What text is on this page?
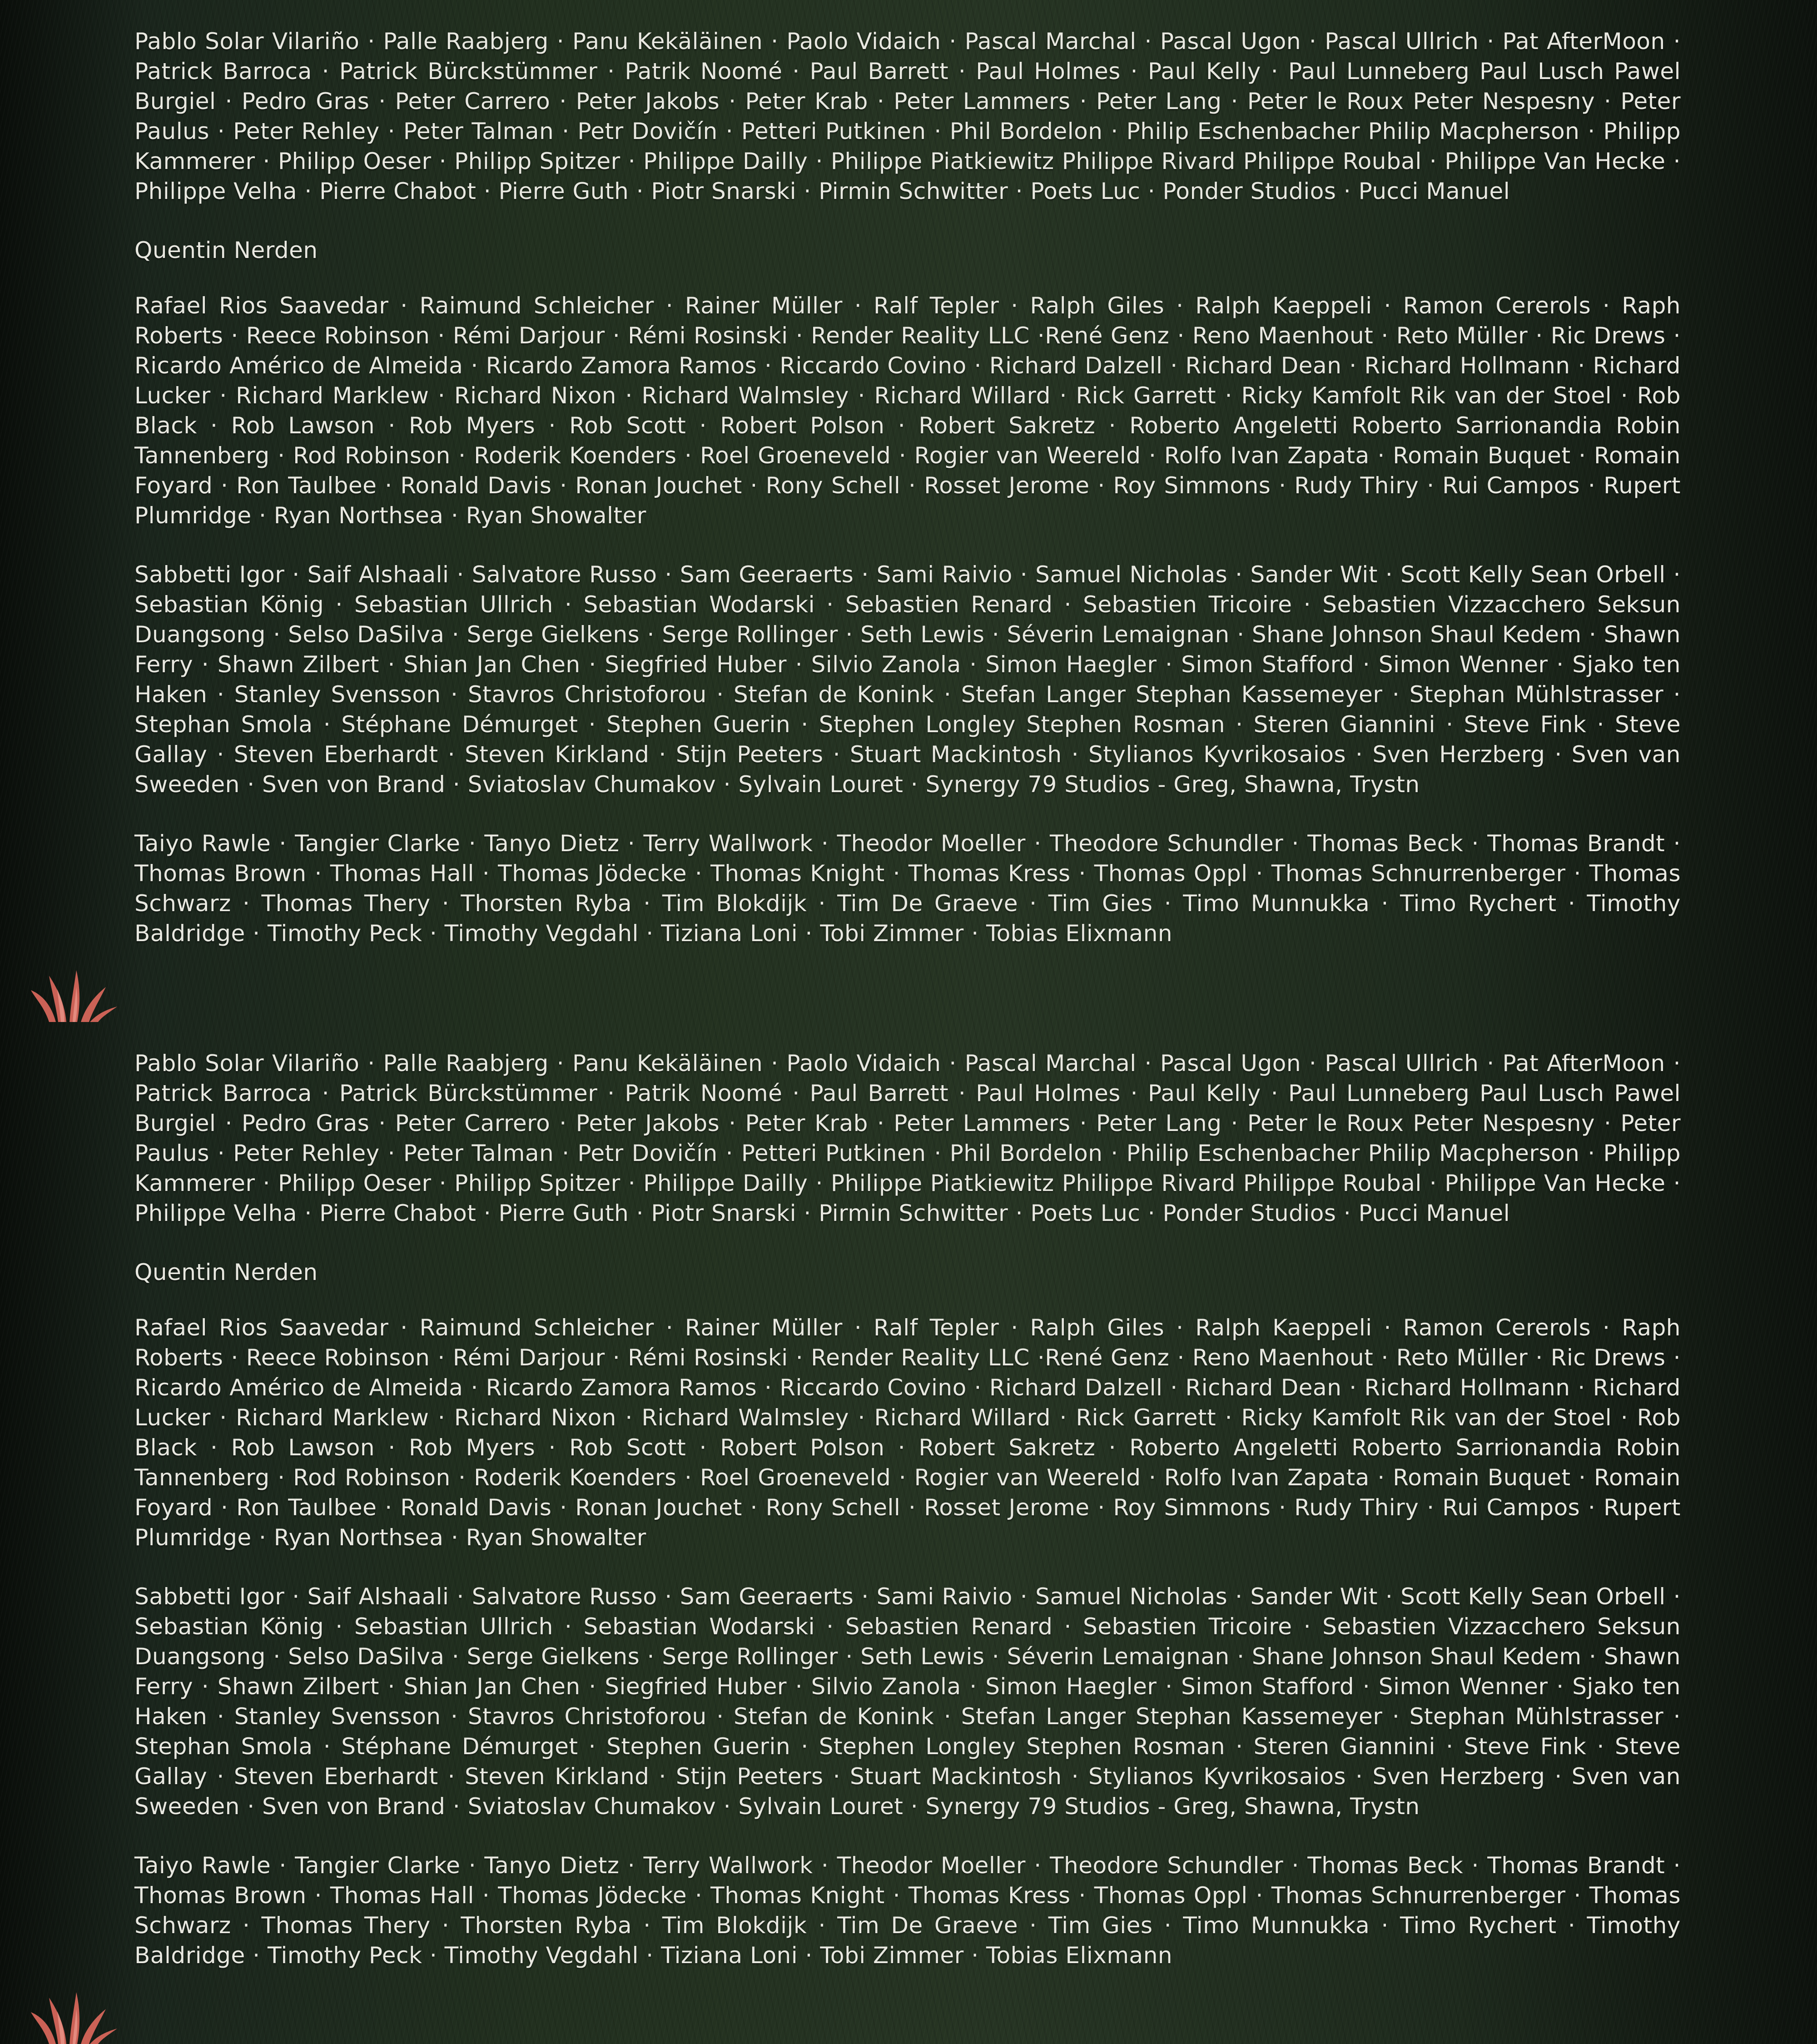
Pablo Solar Vilariño · Palle Raabjerg · Panu Kekäläinen · Paolo Vidaich · Pascal Marchal · Pascal Ugon · Pascal Ullrich · Pat AfterMoon · Patrick Barroca · Patrick Bürckstümmer · Patrik Noomé · Paul Barrett · Paul Holmes · Paul Kelly · Paul Lunneberg Paul Lusch Pawel Burgiel · Pedro Gras · Peter Carrero · Peter Jakobs · Peter Krab · Peter Lammers · Peter Lang · Peter le Roux Peter Nespesny · Peter Paulus · Peter Rehley · Peter Talman · Petr Dovičín · Petteri Putkinen · Phil Bordelon · Philip Eschenbacher Philip Macpherson · Philipp Kammerer · Philipp Oeser · Philipp Spitzer · Philippe Dailly · Philippe Piatkiewitz Philippe Rivard Philippe Roubal · Philippe Van Hecke · Philippe Velha · Pierre Chabot · Pierre Guth · Piotr Snarski · Pirmin Schwitter · Poets Luc · Ponder Studios · Pucci Manuel

Quentin Nerden

Rafael Rios Saavedar · Raimund Schleicher · Rainer Müller · Ralf Tepler · Ralph Giles · Ralph Kaeppeli · Ramon Cererols · Raph Roberts · Reece Robinson · Rémi Darjour · Rémi Rosinski · Render Reality LLC ·René Genz · Reno Maenhout · Reto Müller · Ric Drews · Ricardo Américo de Almeida · Ricardo Zamora Ramos · Riccardo Covino · Richard Dalzell · Richard Dean · Richard Hollmann · Richard Lucker · Richard Marklew · Richard Nixon · Richard Walmsley · Richard Willard · Rick Garrett · Ricky Kamfolt Rik van der Stoel · Rob Black · Rob Lawson · Rob Myers · Rob Scott · Robert Polson · Robert Sakretz · Roberto Angeletti Roberto Sarrionandia Robin Tannenberg · Rod Robinson · Roderik Koenders · Roel Groeneveld · Rogier van Weereld · Rolfo Ivan Zapata · Romain Buquet · Romain Foyard · Ron Taulbee · Ronald Davis · Ronan Jouchet · Rony Schell · Rosset Jerome · Roy Simmons · Rudy Thiry · Rui Campos · Rupert Plumridge · Ryan Northsea · Ryan Showalter

Sabbetti Igor · Saif Alshaali · Salvatore Russo · Sam Geeraerts · Sami Raivio · Samuel Nicholas · Sander Wit · Scott Kelly Sean Orbell · Sebastian König · Sebastian Ullrich · Sebastian Wodarski · Sebastien Renard · Sebastien Tricoire · Sebastien Vizzacchero Seksun Duangsong · Selso DaSilva · Serge Gielkens · Serge Rollinger · Seth Lewis · Séverin Lemaignan · Shane Johnson Shaul Kedem · Shawn Ferry · Shawn Zilbert · Shian Jan Chen · Siegfried Huber · Silvio Zanola · Simon Haegler · Simon Stafford · Simon Wenner · Sjako ten Haken · Stanley Svensson · Stavros Christoforou · Stefan de Konink · Stefan Langer Stephan Kassemeyer · Stephan Mühlstrasser · Stephan Smola · Stéphane Démurget · Stephen Guerin · Stephen Longley Stephen Rosman · Steren Giannini · Steve Fink · Steve Gallay · Steven Eberhardt · Steven Kirkland · Stijn Peeters · Stuart Mackintosh · Stylianos Kyvrikosaios · Sven Herzberg · Sven van Sweeden · Sven von Brand · Sviatoslav Chumakov · Sylvain Louret · Synergy 79 Studios - Greg, Shawna, Trystn

Taiyo Rawle · Tangier Clarke · Tanyo Dietz · Terry Wallwork · Theodor Moeller · Theodore Schundler · Thomas Beck · Thomas Brandt · Thomas Brown · Thomas Hall · Thomas Jödecke · Thomas Knight · Thomas Kress · Thomas Oppl · Thomas Schnurrenberger · Thomas Schwarz · Thomas Thery · Thorsten Ryba · Tim Blokdijk · Tim De Graeve · Tim Gies · Timo Munnukka · Timo Rychert · Timothy Baldridge · Timothy Peck · Timothy Vegdahl · Tiziana Loni · Tobi Zimmer · Tobias Elixmann

Pablo Solar Vilariño · Palle Raabjerg · Panu Kekäläinen · Paolo Vidaich · Pascal Marchal · Pascal Ugon · Pascal Ullrich · Pat AfterMoon · Patrick Barroca · Patrick Bürckstümmer · Patrik Noomé · Paul Barrett · Paul Holmes · Paul Kelly · Paul Lunneberg Paul Lusch Pawel Burgiel · Pedro Gras · Peter Carrero · Peter Jakobs · Peter Krab · Peter Lammers · Peter Lang · Peter le Roux Peter Nespesny · Peter Paulus · Peter Rehley · Peter Talman · Petr Dovičín · Petteri Putkinen · Phil Bordelon · Philip Eschenbacher Philip Macpherson · Philipp Kammerer · Philipp Oeser · Philipp Spitzer · Philippe Dailly · Philippe Piatkiewitz Philippe Rivard Philippe Roubal · Philippe Van Hecke · Philippe Velha · Pierre Chabot · Pierre Guth · Piotr Snarski · Pirmin Schwitter · Poets Luc · Ponder Studios · Pucci Manuel

Quentin Nerden

Rafael Rios Saavedar · Raimund Schleicher · Rainer Müller · Ralf Tepler · Ralph Giles · Ralph Kaeppeli · Ramon Cererols · Raph Roberts · Reece Robinson · Rémi Darjour · Rémi Rosinski · Render Reality LLC ·René Genz · Reno Maenhout · Reto Müller · Ric Drews · Ricardo Américo de Almeida · Ricardo Zamora Ramos · Riccardo Covino · Richard Dalzell · Richard Dean · Richard Hollmann · Richard Lucker · Richard Marklew · Richard Nixon · Richard Walmsley · Richard Willard · Rick Garrett · Ricky Kamfolt Rik van der Stoel · Rob Black · Rob Lawson · Rob Myers · Rob Scott · Robert Polson · Robert Sakretz · Roberto Angeletti Roberto Sarrionandia Robin Tannenberg · Rod Robinson · Roderik Koenders · Roel Groeneveld · Rogier van Weereld · Rolfo Ivan Zapata · Romain Buquet · Romain Foyard · Ron Taulbee · Ronald Davis · Ronan Jouchet · Rony Schell · Rosset Jerome · Roy Simmons · Rudy Thiry · Rui Campos · Rupert Plumridge · Ryan Northsea · Ryan Showalter

Sabbetti Igor · Saif Alshaali · Salvatore Russo · Sam Geeraerts · Sami Raivio · Samuel Nicholas · Sander Wit · Scott Kelly Sean Orbell · Sebastian König · Sebastian Ullrich · Sebastian Wodarski · Sebastien Renard · Sebastien Tricoire · Sebastien Vizzacchero Seksun Duangsong · Selso DaSilva · Serge Gielkens · Serge Rollinger · Seth Lewis · Séverin Lemaignan · Shane Johnson Shaul Kedem · Shawn Ferry · Shawn Zilbert · Shian Jan Chen · Siegfried Huber · Silvio Zanola · Simon Haegler · Simon Stafford · Simon Wenner · Sjako ten Haken · Stanley Svensson · Stavros Christoforou · Stefan de Konink · Stefan Langer Stephan Kassemeyer · Stephan Mühlstrasser · Stephan Smola · Stéphane Démurget · Stephen Guerin · Stephen Longley Stephen Rosman · Steren Giannini · Steve Fink · Steve Gallay · Steven Eberhardt · Steven Kirkland · Stijn Peeters · Stuart Mackintosh · Stylianos Kyvrikosaios · Sven Herzberg · Sven van Sweeden · Sven von Brand · Sviatoslav Chumakov · Sylvain Louret · Synergy 79 Studios - Greg, Shawna, Trystn

Taiyo Rawle · Tangier Clarke · Tanyo Dietz · Terry Wallwork · Theodor Moeller · Theodore Schundler · Thomas Beck · Thomas Brandt · Thomas Brown · Thomas Hall · Thomas Jödecke · Thomas Knight · Thomas Kress · Thomas Oppl · Thomas Schnurrenberger · Thomas Schwarz · Thomas Thery · Thorsten Ryba · Tim Blokdijk · Tim De Graeve · Tim Gies · Timo Munnukka · Timo Rychert · Timothy Baldridge · Timothy Peck · Timothy Vegdahl · Tiziana Loni · Tobi Zimmer · Tobias Elixmann
